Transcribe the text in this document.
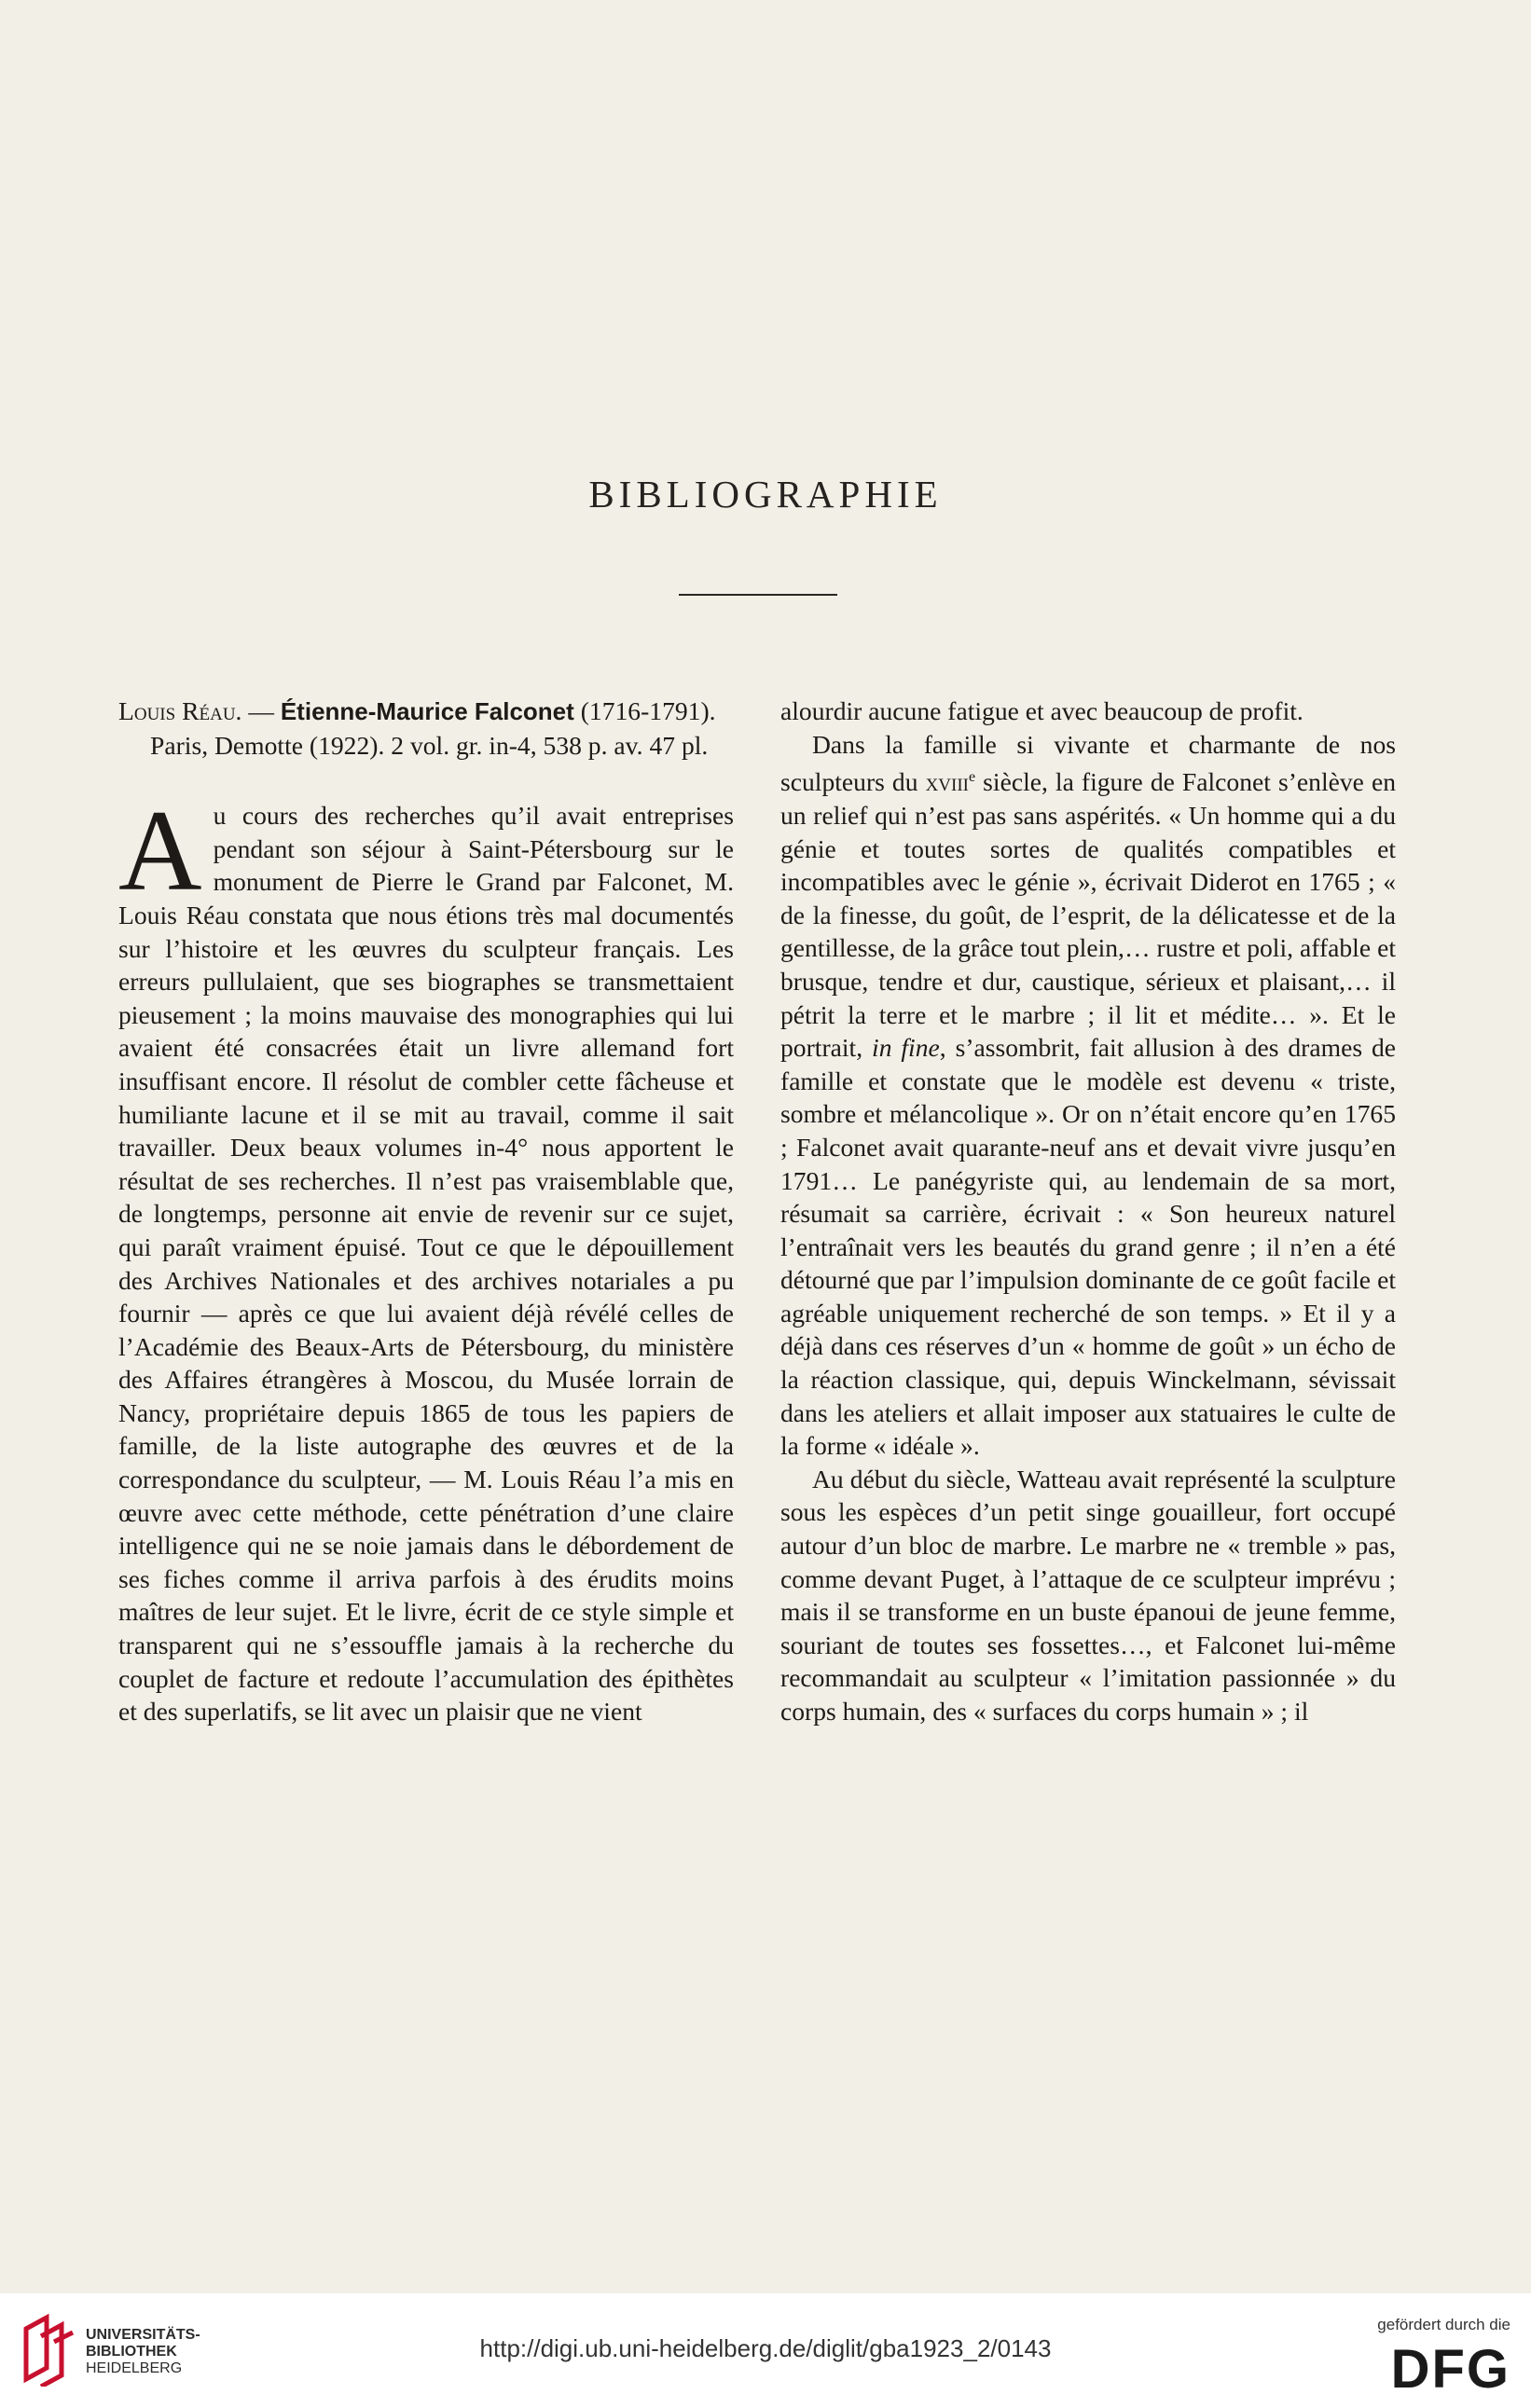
BIBLIOGRAPHIE

Louis Réau. — Étienne-Maurice Falconet (1716-1791). Paris, Demotte (1922). 2 vol. gr. in-4, 538 p. av. 47 pl.

Au cours des recherches qu’il avait entreprises pendant son séjour à Saint-Pétersbourg sur le monument de Pierre le Grand par Falconet, M. Louis Réau constata que nous étions très mal documentés sur l’histoire et les œuvres du sculpteur français. Les erreurs pullulaient, que ses biographes se transmettaient pieusement ; la moins mauvaise des monographies qui lui avaient été consacrées était un livre allemand fort insuffisant encore. Il résolut de combler cette fâcheuse et humiliante lacune et il se mit au travail, comme il sait travailler. Deux beaux volumes in-4° nous apportent le résultat de ses recherches. Il n’est pas vraisemblable que, de longtemps, personne ait envie de revenir sur ce sujet, qui paraît vraiment épuisé. Tout ce que le dépouillement des Archives Nationales et des archives notariales a pu fournir — après ce que lui avaient déjà révélé celles de l’Académie des Beaux-Arts de Pétersbourg, du ministère des Affaires étrangères à Moscou, du Musée lorrain de Nancy, propriétaire depuis 1865 de tous les papiers de famille, de la liste autographe des œuvres et de la correspondance du sculpteur, — M. Louis Réau l’a mis en œuvre avec cette méthode, cette pénétration d’une claire intelligence qui ne se noie jamais dans le débordement de ses fiches comme il arriva parfois à des érudits moins maîtres de leur sujet. Et le livre, écrit de ce style simple et transparent qui ne s’essouffle jamais à la recherche du couplet de facture et redoute l’accumulation des épithètes et des superlatifs, se lit avec un plaisir que ne vient

alourdir aucune fatigue et avec beaucoup de profit.

Dans la famille si vivante et charmante de nos sculpteurs du xviii$^e$ siècle, la figure de Falconet s’enlève en un relief qui n’est pas sans aspérités. « Un homme qui a du génie et toutes sortes de qualités compatibles et incompatibles avec le génie », écrivait Diderot en 1765 ; « de la finesse, du goût, de l’esprit, de la délicatesse et de la gentillesse, de la grâce tout plein,… rustre et poli, affable et brusque, tendre et dur, caustique, sérieux et plaisant,… il pétrit la terre et le marbre ; il lit et médite… ». Et le portrait, in fine, s’assombrit, fait allusion à des drames de famille et constate que le modèle est devenu « triste, sombre et mélancolique ». Or on n’était encore qu’en 1765 ; Falconet avait quarante-neuf ans et devait vivre jusqu’en 1791… Le panégyriste qui, au lendemain de sa mort, résumait sa carrière, écrivait : « Son heureux naturel l’entraînait vers les beautés du grand genre ; il n’en a été détourné que par l’impulsion dominante de ce goût facile et agréable uniquement recherché de son temps. » Et il y a déjà dans ces réserves d’un « homme de goût » un écho de la réaction classique, qui, depuis Winckelmann, sévissait dans les ateliers et allait imposer aux statuaires le culte de la forme « idéale ».

Au début du siècle, Watteau avait représenté la sculpture sous les espèces d’un petit singe gouailleur, fort occupé autour d’un bloc de marbre. Le marbre ne « tremble » pas, comme devant Puget, à l’attaque de ce sculpteur imprévu ; mais il se transforme en un buste épanoui de jeune femme, souriant de toutes ses fossettes…, et Falconet lui-même recommandait au sculpteur « l’imitation passionnée » du corps humain, des « surfaces du corps humain » ; il

UNIVERSITÄTS-
BIBLIOTHEK
HEIDELBERG
http://digi.ub.uni-heidelberg.de/diglit/gba1923_2/0143
gefördert durch die
DFG
